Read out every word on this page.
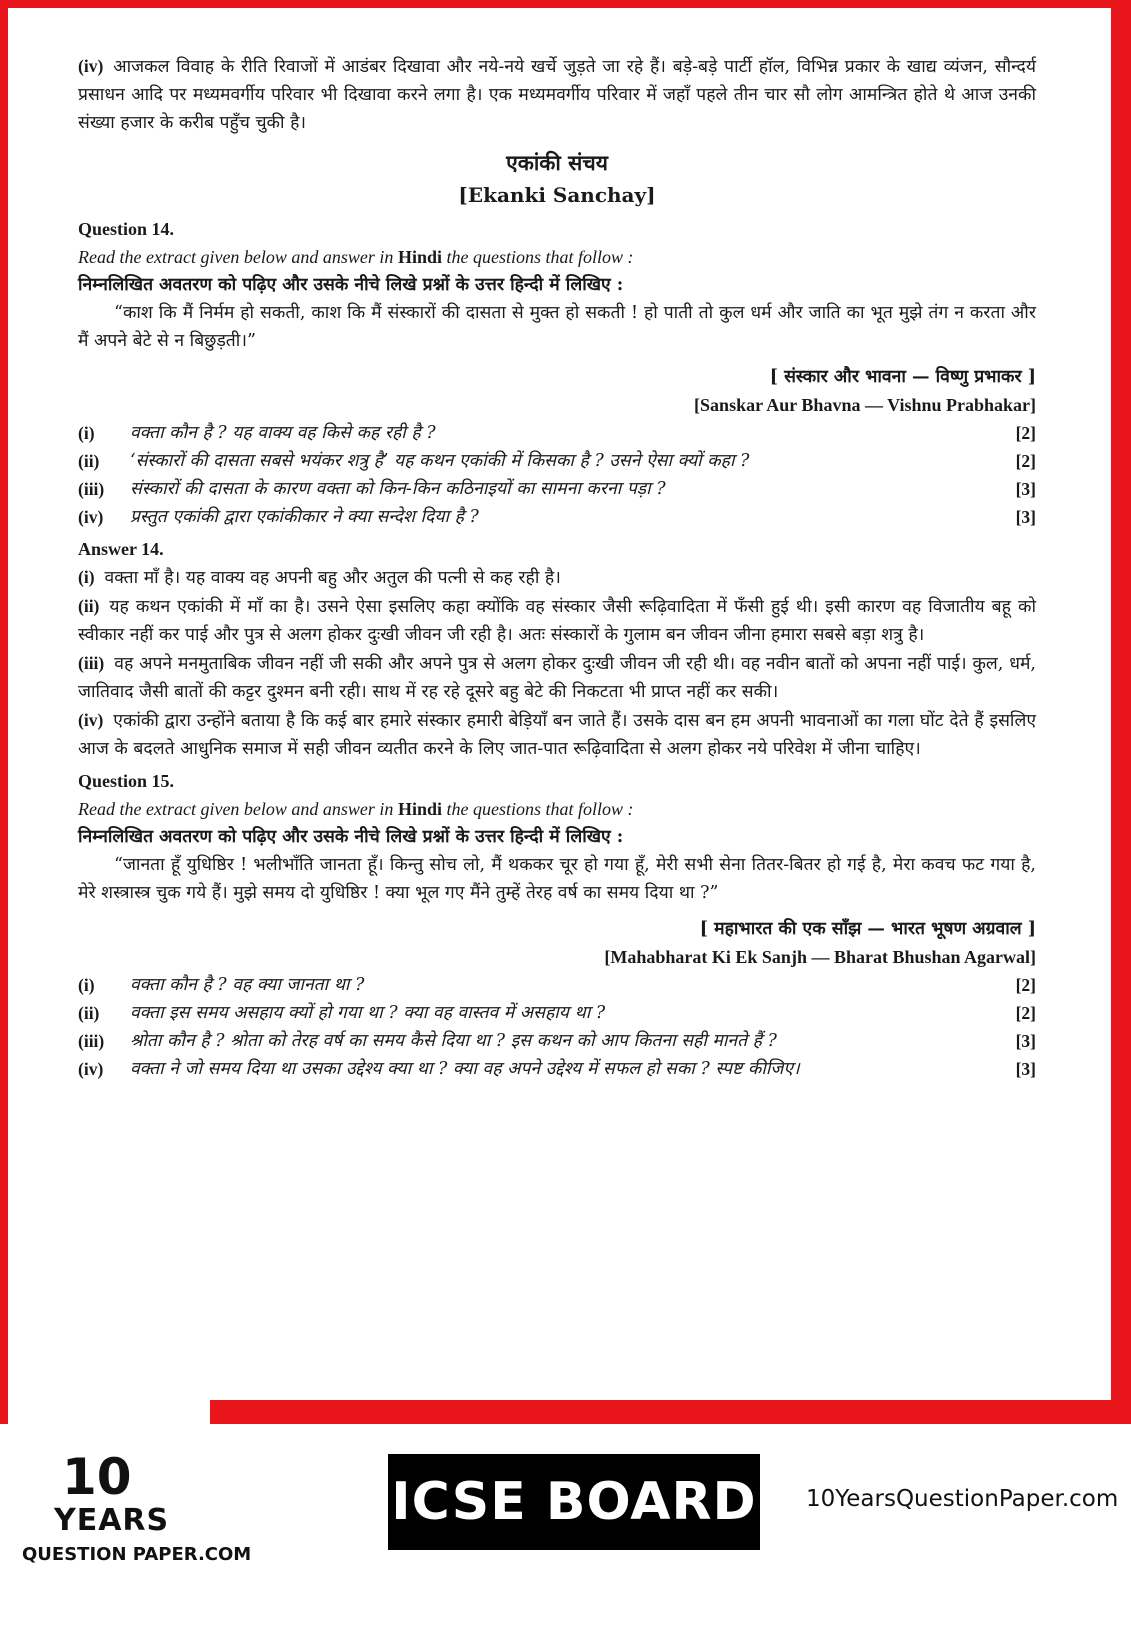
(iv) आजकल विवाह के रीति रिवाजों में आडंबर दिखावा और नये-नये खर्चे जुड़ते जा रहे हैं। बड़े-बड़े पार्टी हॉल, विभिन्न प्रकार के खाद्य व्यंजन, सौन्दर्य प्रसाधन आदि पर मध्यमवर्गीय परिवार भी दिखावा करने लगा है। एक मध्यमवर्गीय परिवार में जहाँ पहले तीन चार सौ लोग आमन्त्रित होते थे आज उनकी संख्या हजार के करीब पहुँच चुकी है।

एकांकी संचय

[Ekanki Sanchay]

Question 14.

Read the extract given below and answer in Hindi the questions that follow :

निम्नलिखित अवतरण को पढ़िए और उसके नीचे लिखे प्रश्नों के उत्तर हिन्दी में लिखिए :

“काश कि मैं निर्मम हो सकती, काश कि मैं संस्कारों की दासता से मुक्त हो सकती ! हो पाती तो कुल धर्म और जाति का भूत मुझे तंग न करता और मैं अपने बेटे से न बिछुड़ती।”

[ संस्कार और भावना — विष्णु प्रभाकर ]

[Sanskar Aur Bhavna — Vishnu Prabhakar]

(i)	वक्ता कौन है ? यह वाक्य वह किसे कह रही है ?	[2]
(ii)	‘संस्कारों की दासता सबसे भयंकर शत्रु है’ यह कथन एकांकी में किसका है ? उसने ऐसा क्यों कहा ?	[2]
(iii)	संस्कारों की दासता के कारण वक्ता को किन-किन कठिनाइयों का सामना करना पड़ा ?	[3]
(iv)	प्रस्तुत एकांकी द्वारा एकांकीकार ने क्या सन्देश दिया है ?	[3]

Answer 14.

(i) वक्ता माँ है। यह वाक्य वह अपनी बहु और अतुल की पत्नी से कह रही है।

(ii) यह कथन एकांकी में माँ का है। उसने ऐसा इसलिए कहा क्योंकि वह संस्कार जैसी रूढ़िवादिता में फँसी हुई थी। इसी कारण वह विजातीय बहू को स्वीकार नहीं कर पाई और पुत्र से अलग होकर दुःखी जीवन जी रही है। अतः संस्कारों के गुलाम बन जीवन जीना हमारा सबसे बड़ा शत्रु है।

(iii) वह अपने मनमुताबिक जीवन नहीं जी सकी और अपने पुत्र से अलग होकर दुःखी जीवन जी रही थी। वह नवीन बातों को अपना नहीं पाई। कुल, धर्म, जातिवाद जैसी बातों की कट्टर दुश्मन बनी रही। साथ में रह रहे दूसरे बहु बेटे की निकटता भी प्राप्त नहीं कर सकी।

(iv) एकांकी द्वारा उन्होंने बताया है कि कई बार हमारे संस्कार हमारी बेड़ियाँ बन जाते हैं। उसके दास बन हम अपनी भावनाओं का गला घोंट देते हैं इसलिए आज के बदलते आधुनिक समाज में सही जीवन व्यतीत करने के लिए जात-पात रूढ़िवादिता से अलग होकर नये परिवेश में जीना चाहिए।

Question 15.

Read the extract given below and answer in Hindi the questions that follow :

निम्नलिखित अवतरण को पढ़िए और उसके नीचे लिखे प्रश्नों के उत्तर हिन्दी में लिखिए :

“जानता हूँ युधिष्ठिर ! भलीभाँति जानता हूँ। किन्तु सोच लो, मैं थककर चूर हो गया हूँ, मेरी सभी सेना तितर-बितर हो गई है, मेरा कवच फट गया है, मेरे शस्त्रास्त्र चुक गये हैं। मुझे समय दो युधिष्ठिर ! क्या भूल गए मैंने तुम्हें तेरह वर्ष का समय दिया था ?”

[ महाभारत की एक साँझ — भारत भूषण अग्रवाल ]

[Mahabharat Ki Ek Sanjh — Bharat Bhushan Agarwal]

(i)	वक्ता कौन है ? वह क्या जानता था ?	[2]
(ii)	वक्ता इस समय असहाय क्यों हो गया था ? क्या वह वास्तव में असहाय था ?	[2]
(iii)	श्रोता कौन है ? श्रोता को तेरह वर्ष का समय कैसे दिया था ? इस कथन को आप कितना सही मानते हैं ?	[3]
(iv)	वक्ता ने जो समय दिया था उसका उद्देश्य क्या था ? क्या वह अपने उद्देश्य में सफल हो सका ? स्पष्ट कीजिए।	[3]
10
YEARS
QUESTION PAPER.COM
ICSE BOARD X
10YearsQuestionPaper.com
